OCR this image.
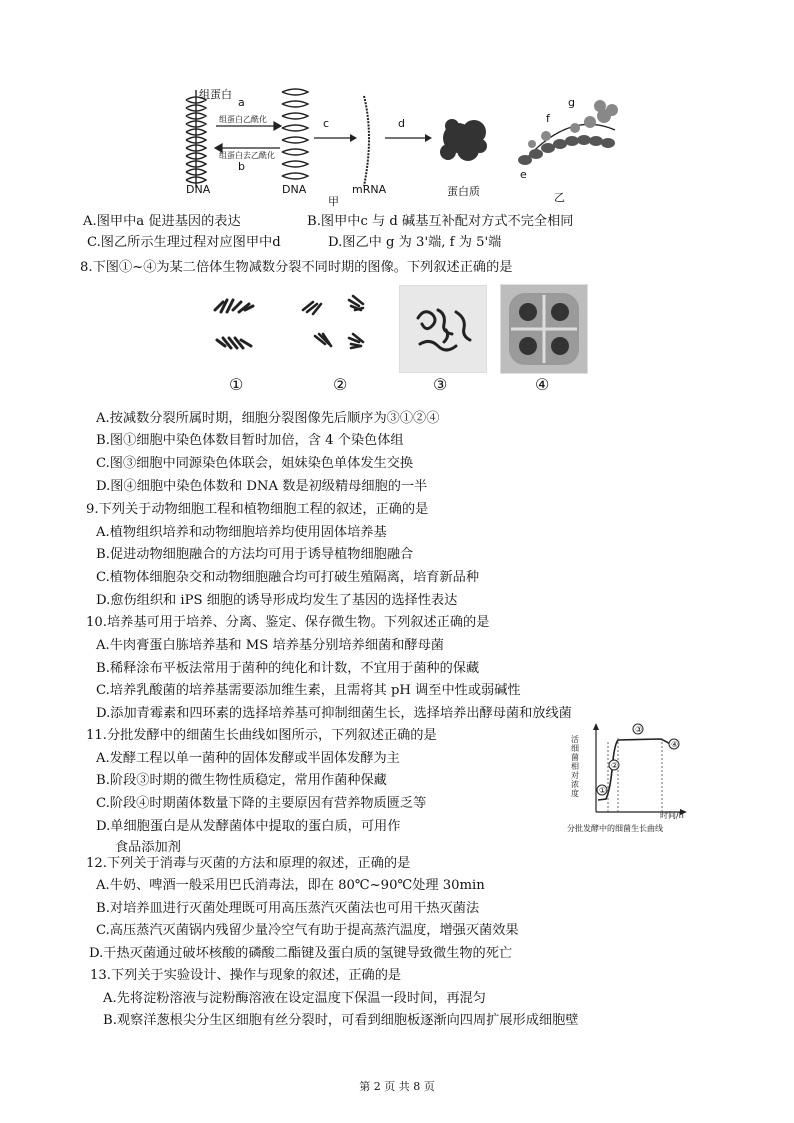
组蛋白
a
组蛋白乙酰化
组蛋白去乙酰化
b
DNA	DNA
c	d
mRNA	蛋白质
甲	乙
e
f
g
A.图甲中a 促进基因的表达	B.图甲中c 与 d 碱基互补配对方式不完全相同
C.图乙所示生理过程对应图甲中d	D.图乙中 g 为 3'端, f 为 5'端
8.下图①~④为某二倍体生物减数分裂不同时期的图像。下列叙述正确的是
①	②	③	④
A.按减数分裂所属时期，细胞分裂图像先后顺序为③①②④
B.图①细胞中染色体数目暂时加倍，含 4 个染色体组
C.图③细胞中同源染色体联会，姐妹染色单体发生交换
D.图④细胞中染色体数和 DNA 数是初级精母细胞的一半
9.下列关于动物细胞工程和植物细胞工程的叙述，正确的是
A.植物组织培养和动物细胞培养均使用固体培养基
B.促进动物细胞融合的方法均可用于诱导植物细胞融合
C.植物体细胞杂交和动物细胞融合均可打破生殖隔离，培育新品种
D.愈伤组织和 iPS 细胞的诱导形成均发生了基因的选择性表达
10.培养基可用于培养、分离、鉴定、保存微生物。下列叙述正确的是
A.牛肉膏蛋白胨培养基和 MS 培养基分别培养细菌和酵母菌
B.稀释涂布平板法常用于菌种的纯化和计数，不宜用于菌种的保藏
C.培养乳酸菌的培养基需要添加维生素，且需将其 pH 调至中性或弱碱性
D.添加青霉素和四环素的选择培养基可抑制细菌生长，选择培养出酵母菌和放线菌
11.分批发酵中的细菌生长曲线如图所示，下列叙述正确的是
A.发酵工程以单一菌种的固体发酵或半固体发酵为主
B.阶段③时期的微生物性质稳定，常用作菌种保藏
C.阶段④时期菌体数量下降的主要原因有营养物质匮乏等
D.单细胞蛋白是从发酵菌体中提取的蛋白质，可用作
食品添加剂
活细菌相对浓度	①
②
③
④
时间/h
分批发酵中的细菌生长曲线
12.下列关于消毒与灭菌的方法和原理的叙述，正确的是
A.牛奶、啤酒一般采用巴氏消毒法，即在 80℃~90℃处理 30min
B.对培养皿进行灭菌处理既可用高压蒸汽灭菌法也可用干热灭菌法
C.高压蒸汽灭菌锅内残留少量冷空气有助于提高蒸汽温度，增强灭菌效果
D.干热灭菌通过破坏核酸的磷酸二酯键及蛋白质的氢键导致微生物的死亡
13.下列关于实验设计、操作与现象的叙述，正确的是
A.先将淀粉溶液与淀粉酶溶液在设定温度下保温一段时间，再混匀
B.观察洋葱根尖分生区细胞有丝分裂时，可看到细胞板逐渐向四周扩展形成细胞壁
第 2 页 共 8 页
